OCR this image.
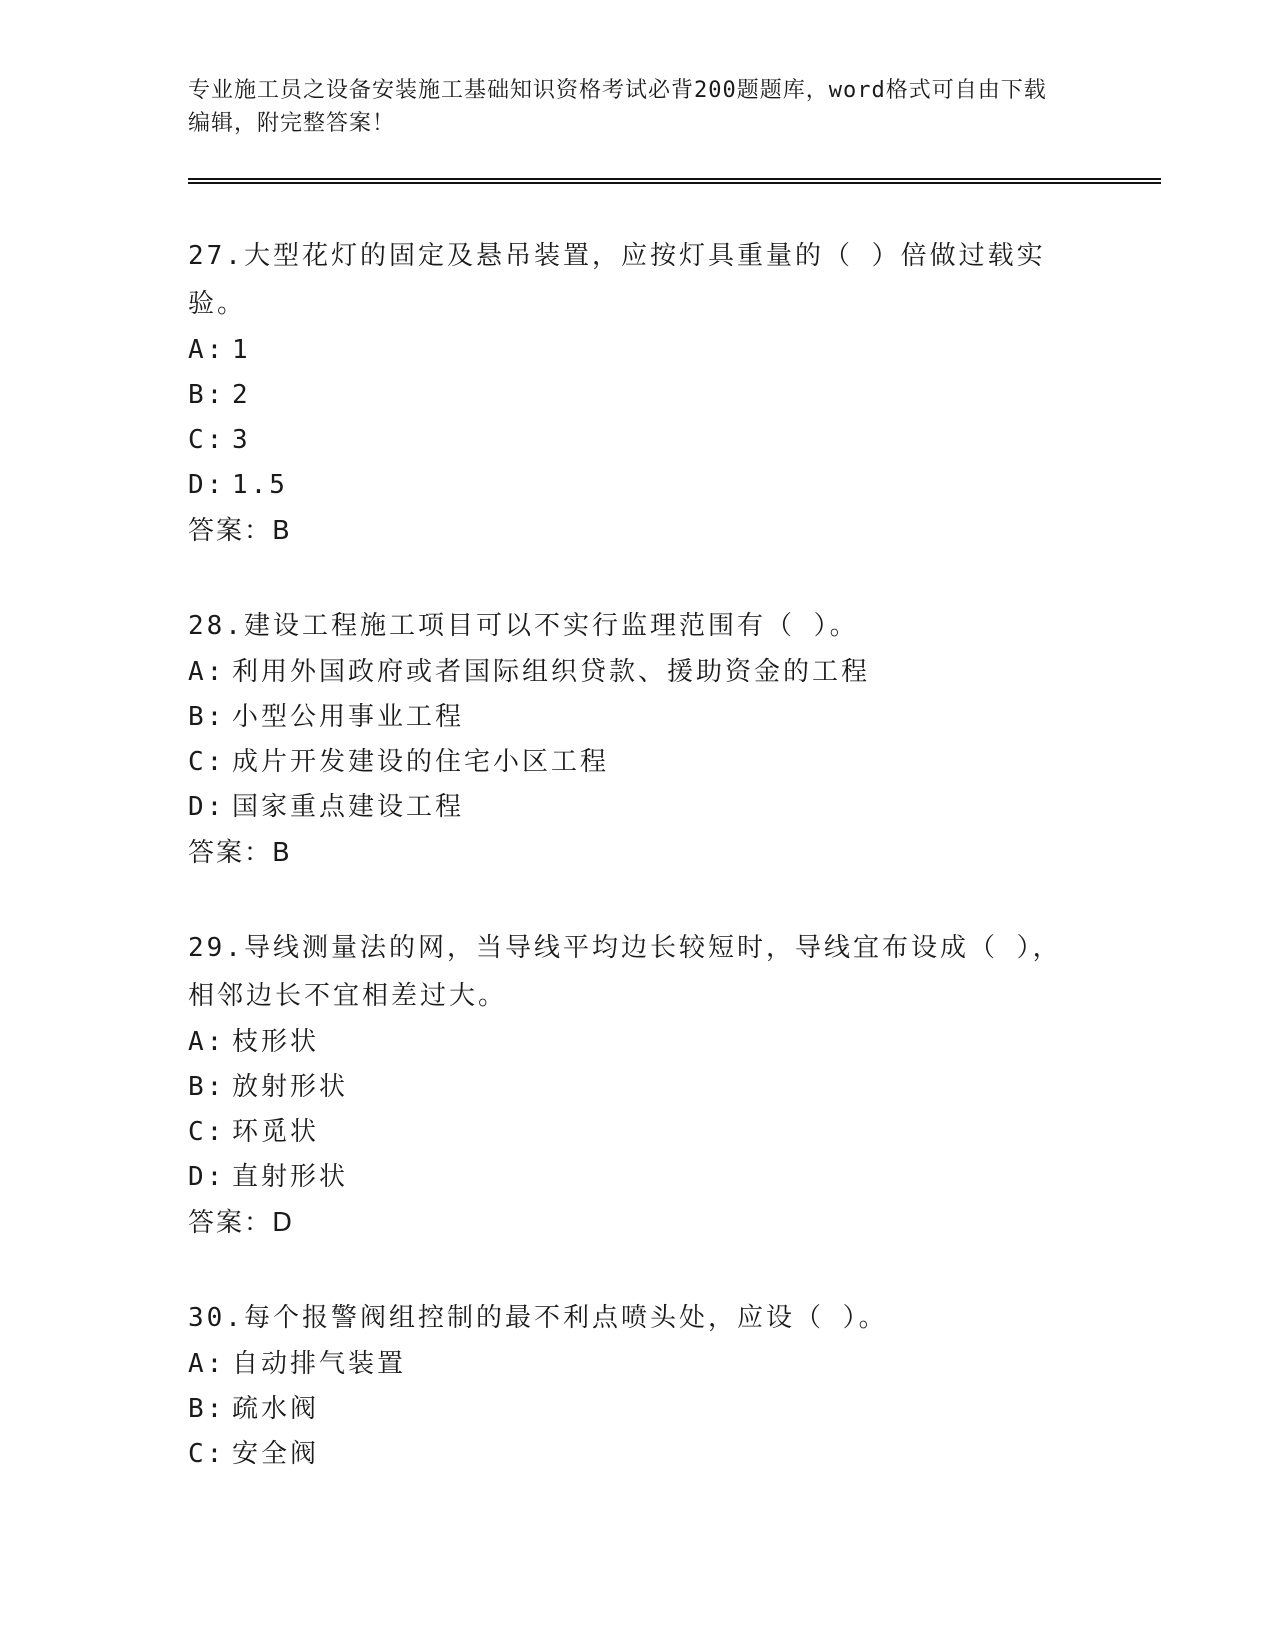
专业施工员之设备安装施工基础知识资格考试必背200题题库，word格式可自由下载编辑，附完整答案！

27.大型花灯的固定及悬吊装置，应按灯具重量的（ ）倍做过载实验。

A: 1

B: 2

C: 3

D: 1.5

答案：B

28.建设工程施工项目可以不实行监理范围有（ ）。

A: 利用外国政府或者国际组织贷款、援助资金的工程

B: 小型公用事业工程

C: 成片开发建设的住宅小区工程

D: 国家重点建设工程

答案：B

29.导线测量法的网，当导线平均边长较短时，导线宜布设成（ ），相邻边长不宜相差过大。

A: 枝形状

B: 放射形状

C: 环觅状

D: 直射形状

答案：D

30.每个报警阀组控制的最不利点喷头处，应设（ ）。

A: 自动排气装置

B: 疏水阀

C: 安全阀
